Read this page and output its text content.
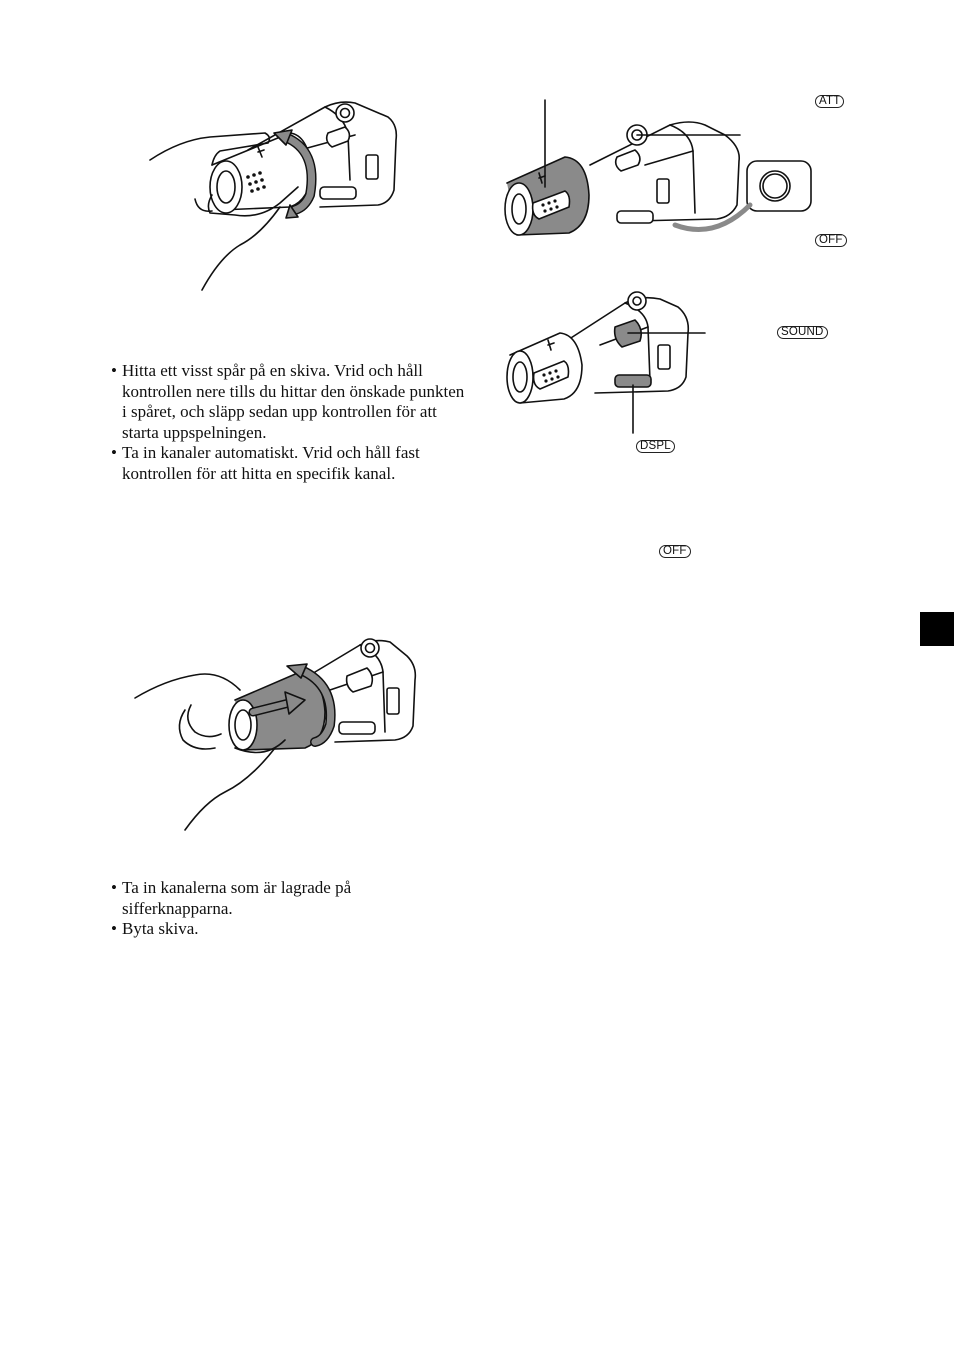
• Hitta ett visst spår på en skiva. Vrid och håll kontrollen nere tills du hittar den önskade punkten i spåret, och släpp sedan upp kontrollen för att starta uppspelningen.
• Ta in kanaler automatiskt. Vrid och håll fast kontrollen för att hitta en specifik kanal.
• Ta in kanalerna som är lagrade på sifferknapparna.
• Byta skiva.
ATT
OFF
SOUND
DSPL
OFF
